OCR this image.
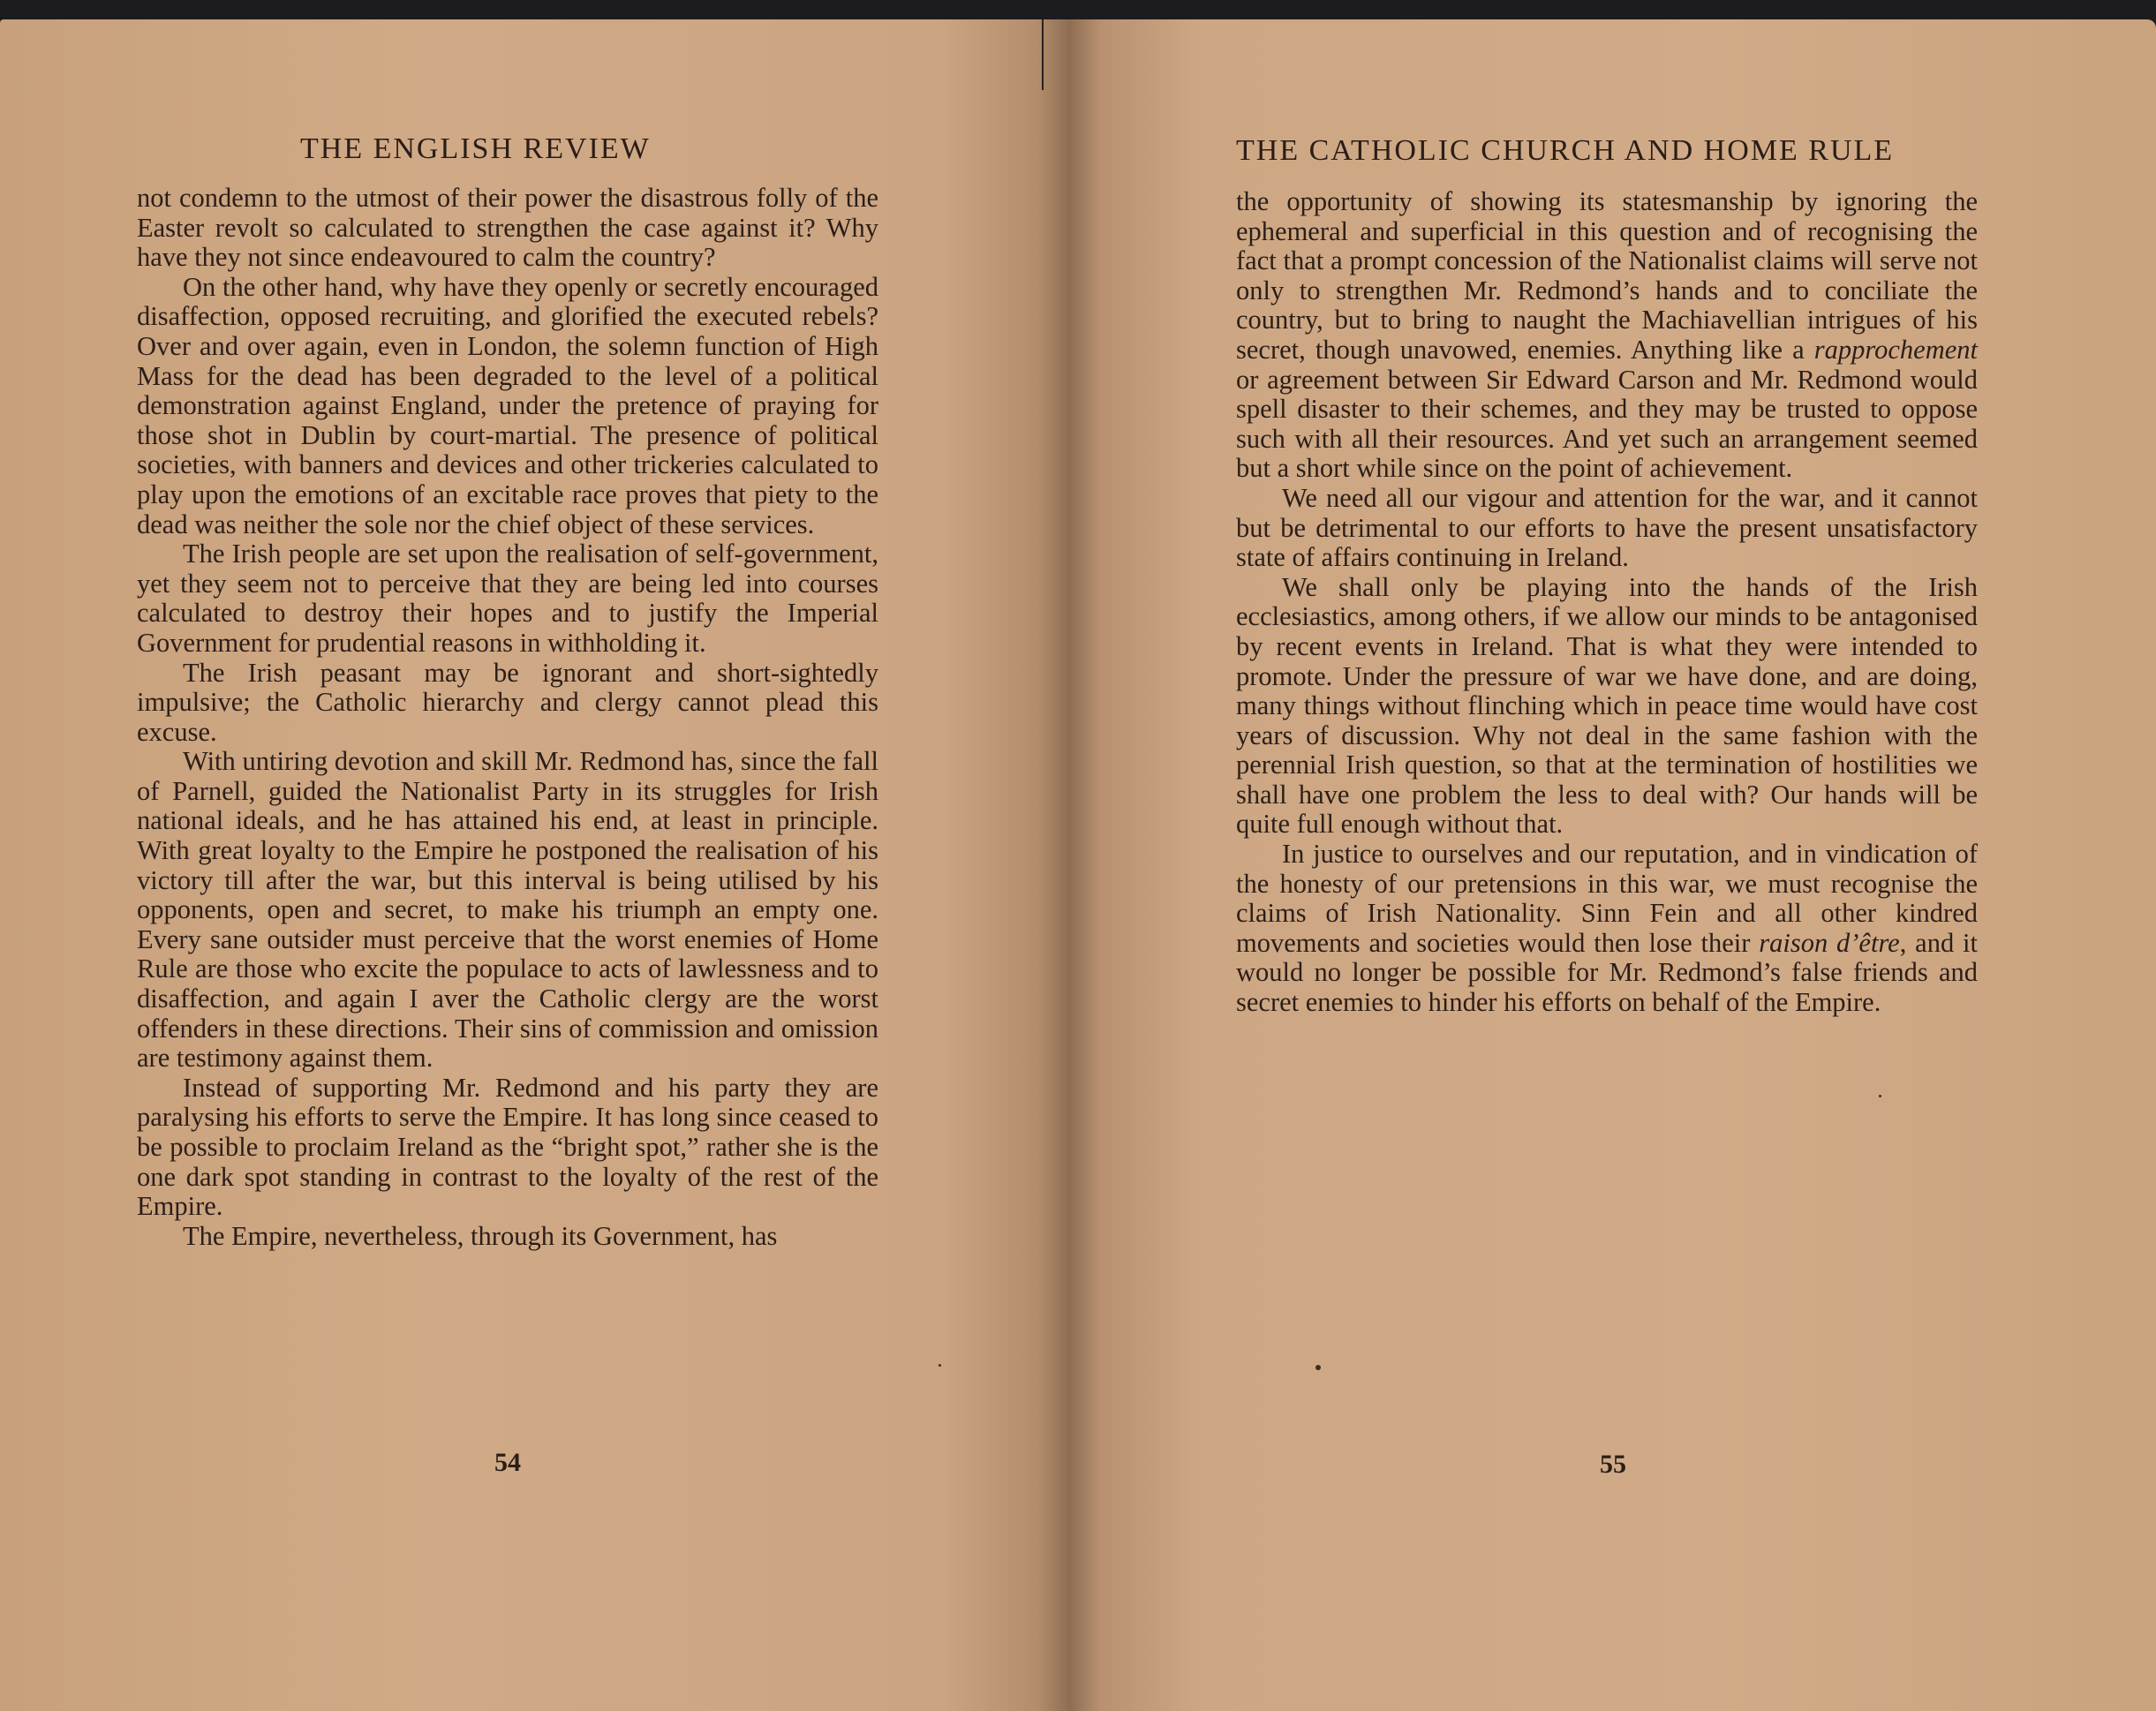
THE ENGLISH REVIEW

not condemn to the utmost of their power the disastrous folly of the Easter revolt so calculated to strengthen the case against it? Why have they not since endeavoured to calm the country?

On the other hand, why have they openly or secretly encouraged disaffection, opposed recruiting, and glorified the executed rebels? Over and over again, even in London, the solemn function of High Mass for the dead has been degraded to the level of a political demonstration against England, under the pretence of praying for those shot in Dublin by court-martial. The presence of political societies, with banners and devices and other trickeries calculated to play upon the emotions of an excitable race proves that piety to the dead was neither the sole nor the chief object of these services.

The Irish people are set upon the realisation of self-government, yet they seem not to perceive that they are being led into courses calculated to destroy their hopes and to justify the Imperial Government for prudential reasons in withholding it.

The Irish peasant may be ignorant and short-sightedly impulsive; the Catholic hierarchy and clergy cannot plead this excuse.

With untiring devotion and skill Mr. Redmond has, since the fall of Parnell, guided the Nationalist Party in its struggles for Irish national ideals, and he has attained his end, at least in principle. With great loyalty to the Empire he postponed the realisation of his victory till after the war, but this interval is being utilised by his opponents, open and secret, to make his triumph an empty one. Every sane outsider must perceive that the worst enemies of Home Rule are those who excite the populace to acts of lawlessness and to disaffection, and again I aver the Catholic clergy are the worst offenders in these directions. Their sins of commission and omission are testimony against them.

Instead of supporting Mr. Redmond and his party they are paralysing his efforts to serve the Empire. It has long since ceased to be possible to proclaim Ireland as the “bright spot,” rather she is the one dark spot standing in contrast to the loyalty of the rest of the Empire.

The Empire, nevertheless, through its Government, has

54
THE CATHOLIC CHURCH AND HOME RULE

the opportunity of showing its statesmanship by ignoring the ephemeral and superficial in this question and of recognising the fact that a prompt concession of the Nationalist claims will serve not only to strengthen Mr. Redmond’s hands and to conciliate the country, but to bring to naught the Machiavellian intrigues of his secret, though unavowed, enemies. Anything like a rapprochement or agreement between Sir Edward Carson and Mr. Redmond would spell disaster to their schemes, and they may be trusted to oppose such with all their resources. And yet such an arrangement seemed but a short while since on the point of achievement.

We need all our vigour and attention for the war, and it cannot but be detrimental to our efforts to have the present unsatisfactory state of affairs continuing in Ireland.

We shall only be playing into the hands of the Irish ecclesiastics, among others, if we allow our minds to be antagonised by recent events in Ireland. That is what they were intended to promote. Under the pressure of war we have done, and are doing, many things without flinching which in peace time would have cost years of discussion. Why not deal in the same fashion with the perennial Irish question, so that at the termination of hostilities we shall have one problem the less to deal with? Our hands will be quite full enough without that.

In justice to ourselves and our reputation, and in vindication of the honesty of our pretensions in this war, we must recognise the claims of Irish Nationality. Sinn Fein and all other kindred movements and societies would then lose their raison d’être, and it would no longer be possible for Mr. Redmond’s false friends and secret enemies to hinder his efforts on behalf of the Empire.

55
